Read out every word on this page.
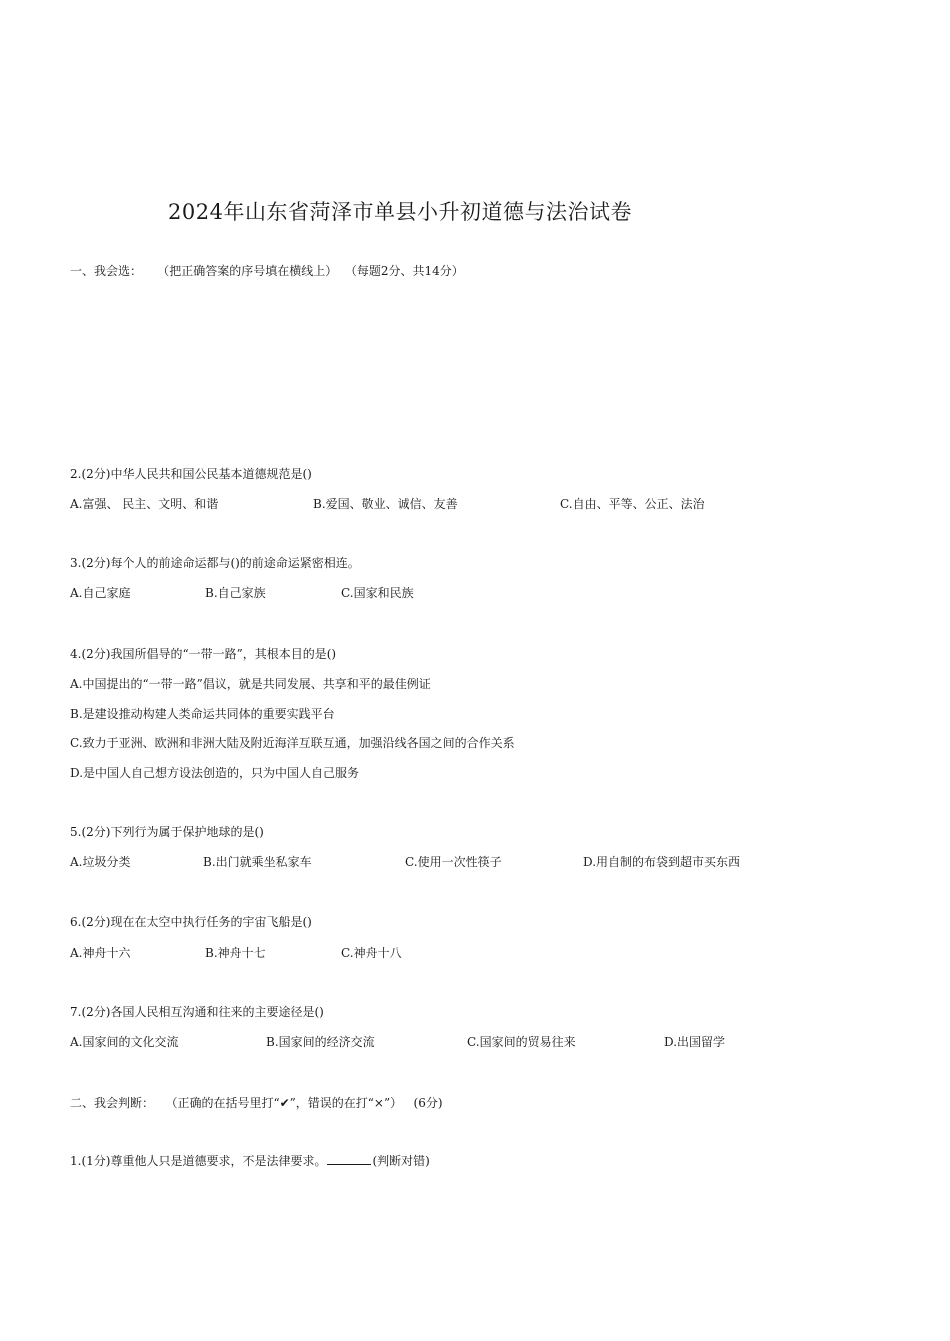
2024年山东省菏泽市单县小升初道德与法治试卷
一、我会选：    （把正确答案的序号填在横线上）  （每题2分、共14分）
2.(2分)中华人民共和国公民基本道德规范是()
A.富强、 民主、文明、和谐	B.爱国、敬业、诚信、友善	C.自由、平等、公正、法治
3.(2分)每个人的前途命运都与()的前途命运紧密相连。
A.自己家庭	B.自己家族	C.国家和民族
4.(2分)我国所倡导的“一带一路”，其根本目的是()
A.中国提出的“一带一路”倡议，就是共同发展、共享和平的最佳例证
B.是建设推动构建人类命运共同体的重要实践平台
C.致力于亚洲、欧洲和非洲大陆及附近海洋互联互通，加强沿线各国之间的合作关系
D.是中国人自己想方设法创造的，只为中国人自己服务
5.(2分)下列行为属于保护地球的是()
A.垃圾分类	B.出门就乘坐私家车	C.使用一次性筷子	D.用自制的布袋到超市买东西
6.(2分)现在在太空中执行任务的宇宙飞船是()
A.神舟十六	B.神舟十七	C.神舟十八
7.(2分)各国人民相互沟通和往来的主要途径是()
A.国家间的文化交流	B.国家间的经济交流	C.国家间的贸易往来	D.出国留学
二、我会判断：   （正确的在括号里打“✔”，错误的在打“×”）   (6分)
1.(1分)尊重他人只是道德要求，不是法律要求。	(判断对错)
